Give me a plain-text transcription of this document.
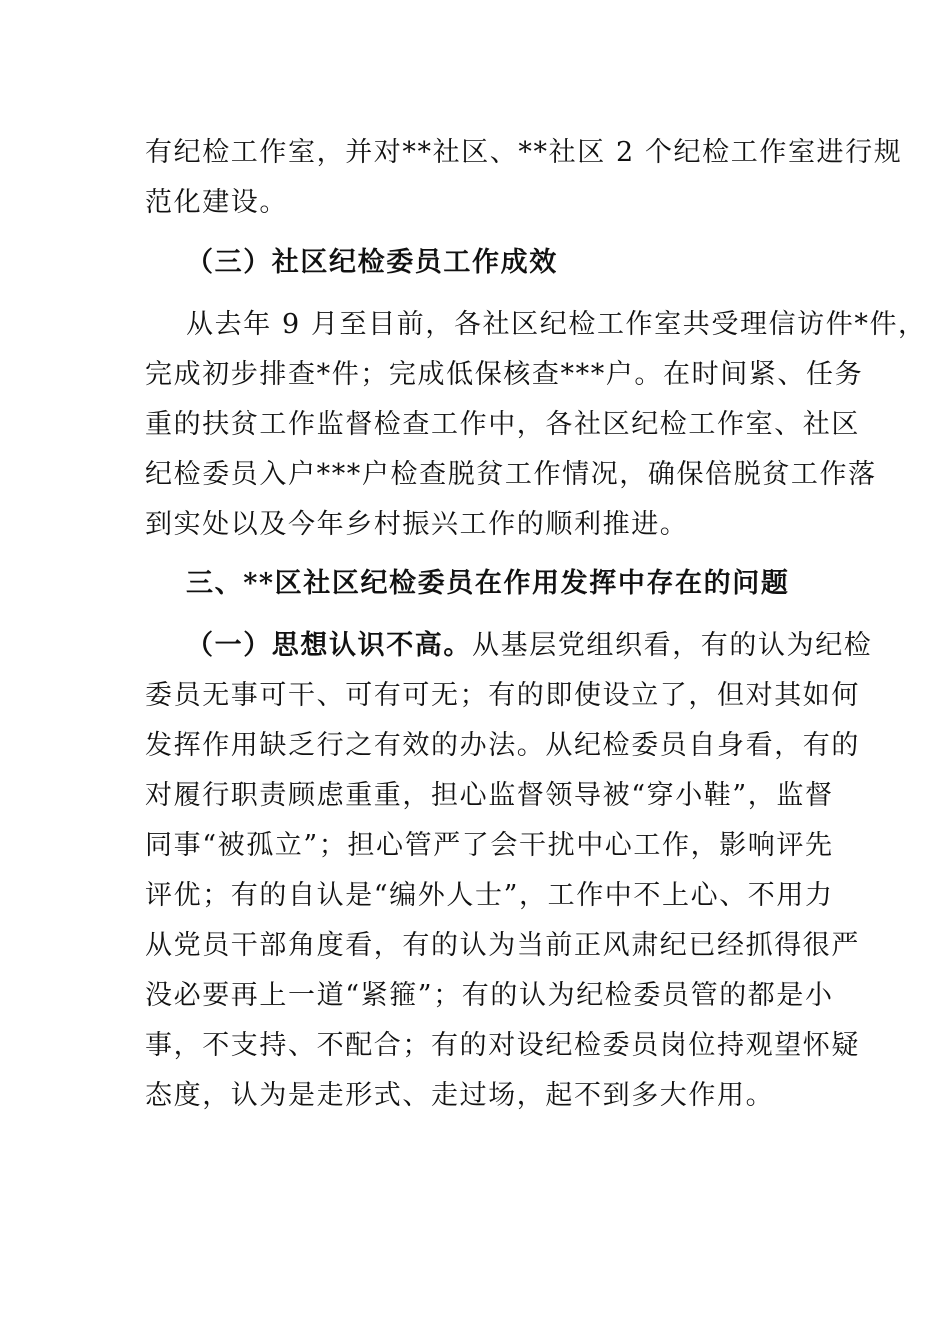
有纪检工作室，并对**社区、**社区 2 个纪检工作室进行规
范化建设。
（三）社区纪检委员工作成效
从去年 9 月至目前，各社区纪检工作室共受理信访件*件，
完成初步排查*件；完成低保核查***户。在时间紧、任务
重的扶贫工作监督检查工作中，各社区纪检工作室、社区
纪检委员入户***户检查脱贫工作情况，确保倍脱贫工作落
到实处以及今年乡村振兴工作的顺利推进。
三、**区社区纪检委员在作用发挥中存在的问题
（一）思想认识不高。从基层党组织看，有的认为纪检
委员无事可干、可有可无；有的即使设立了，但对其如何
发挥作用缺乏行之有效的办法。从纪检委员自身看，有的
对履行职责顾虑重重，担心监督领导被“穿小鞋”，监督
同事“被孤立”；担心管严了会干扰中心工作，影响评先
评优；有的自认是“编外人士”，工作中不上心、不用力
从党员干部角度看，有的认为当前正风肃纪已经抓得很严
没必要再上一道“紧箍”；有的认为纪检委员管的都是小
事，不支持、不配合；有的对设纪检委员岗位持观望怀疑
态度，认为是走形式、走过场，起不到多大作用。
